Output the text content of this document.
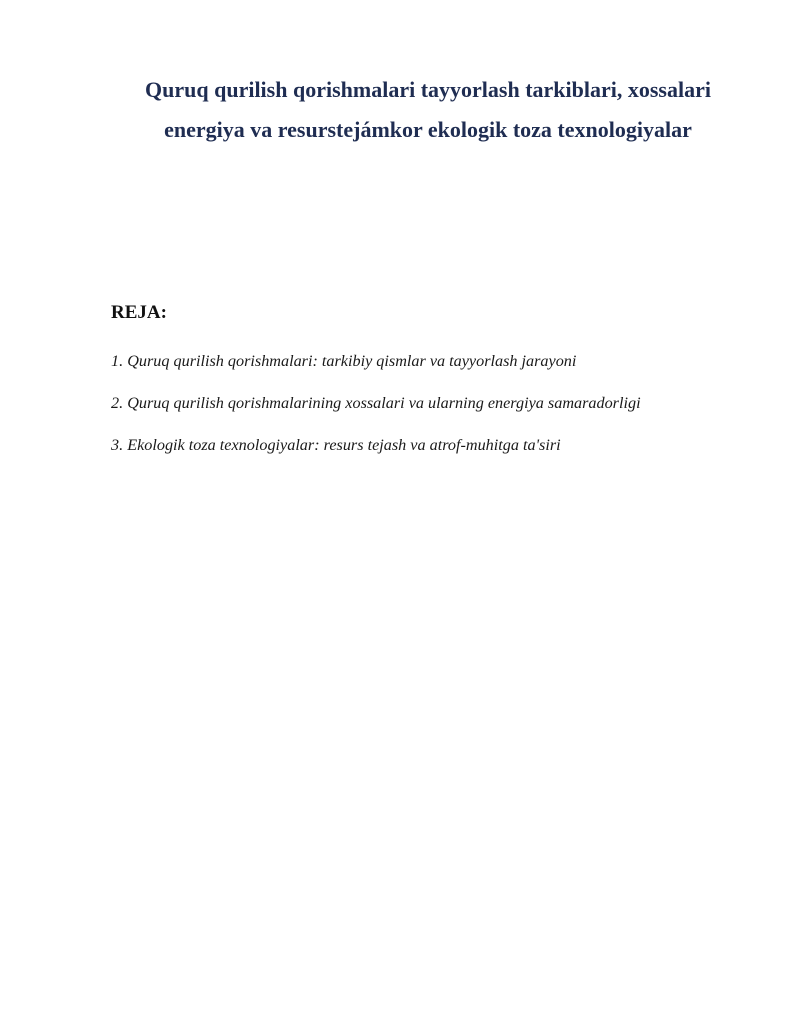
Quruq qurilish qorishmalari tayyorlash tarkiblari, xossalari
energiya va resurstejámkor ekologik toza texnologiyalar
REJA:
1. Quruq qurilish qorishmalari: tarkibiy qismlar va tayyorlash jarayoni
2. Quruq qurilish qorishmalarining xossalari va ularning energiya samaradorligi
3. Ekologik toza texnologiyalar: resurs tejash va atrof-muhitga ta'siri
